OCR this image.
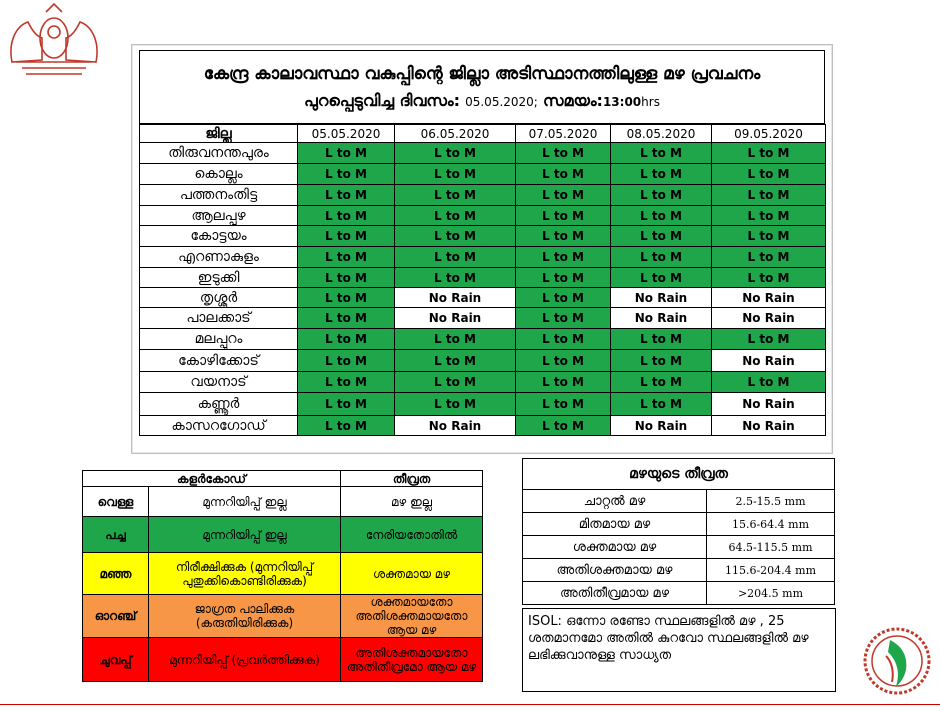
കേന്ദ്ര കാലാവസ്ഥാ വകുപ്പിന്റെ ജില്ലാ അടിസ്ഥാനത്തിലുള്ള മഴ പ്രവചനം
പുറപ്പെടുവിച്ച ദിവസം: 05.05.2020; സമയം:13:00hrs
ജില്ല	05.05.2020	06.05.2020	07.05.2020	08.05.2020	09.05.2020
തിരുവനന്തപുരം	L to M	L to M	L to M	L to M	L to M
കൊല്ലം	L to M	L to M	L to M	L to M	L to M
പത്തനംതിട്ട	L to M	L to M	L to M	L to M	L to M
ആലപ്പുഴ	L to M	L to M	L to M	L to M	L to M
കോട്ടയം	L to M	L to M	L to M	L to M	L to M
എറണാകുളം	L to M	L to M	L to M	L to M	L to M
ഇടുക്കി	L to M	L to M	L to M	L to M	L to M
തൃശ്ശൂർ	L to M	No Rain	L to M	No Rain	No Rain
പാലക്കാട്	L to M	No Rain	L to M	No Rain	No Rain
മലപ്പുറം	L to M	L to M	L to M	L to M	L to M
കോഴിക്കോട്	L to M	L to M	L to M	L to M	No Rain
വയനാട്	L to M	L to M	L to M	L to M	L to M
കണ്ണൂർ	L to M	L to M	L to M	L to M	No Rain
കാസറഗോഡ്	L to M	No Rain	L to M	No Rain	No Rain
കളർകോഡ്		തീവ്രത
വെള്ള	മുന്നറിയിപ്പ് ഇല്ല	മഴ ഇല്ല
പച്ച	മുന്നറിയിപ്പ് ഇല്ല	നേരിയതോതിൽ
മഞ്ഞ	നിരീക്ഷിക്കുക (മുന്നറിയിപ്പ് പുതുക്കികൊണ്ടിരിക്കുക)	ശക്തമായ മഴ
ഓറഞ്ച്	ജാഗ്രത പാലിക്കുക (കരുതിയിരിക്കുക)	ശക്തമായതോ അതിശക്തമായതോ ആയ മഴ
ചുവപ്പ്	മുന്നറിയിപ്പ് (പ്രവർത്തിക്കുക)	അതിശക്തമായതോ അതിതീവ്രമോ ആയ മഴ
മഴയുടെ തീവ്രത	
ചാറ്റൽ മഴ	2.5-15.5 mm
മിതമായ മഴ	15.6-64.4 mm
ശക്തമായ മഴ	64.5-115.5 mm
അതിശക്തമായ മഴ	115.6-204.4 mm
അതിതീവ്രമായ മഴ	>204.5 mm
ISOL: ഒന്നോ രണ്ടോ സ്ഥലങ്ങളിൽ മഴ , 25 ശതമാനമോ അതിൽ കുറവോ സ്ഥലങ്ങളിൽ മഴ ലഭിക്കുവാനുള്ള സാധ്യത
